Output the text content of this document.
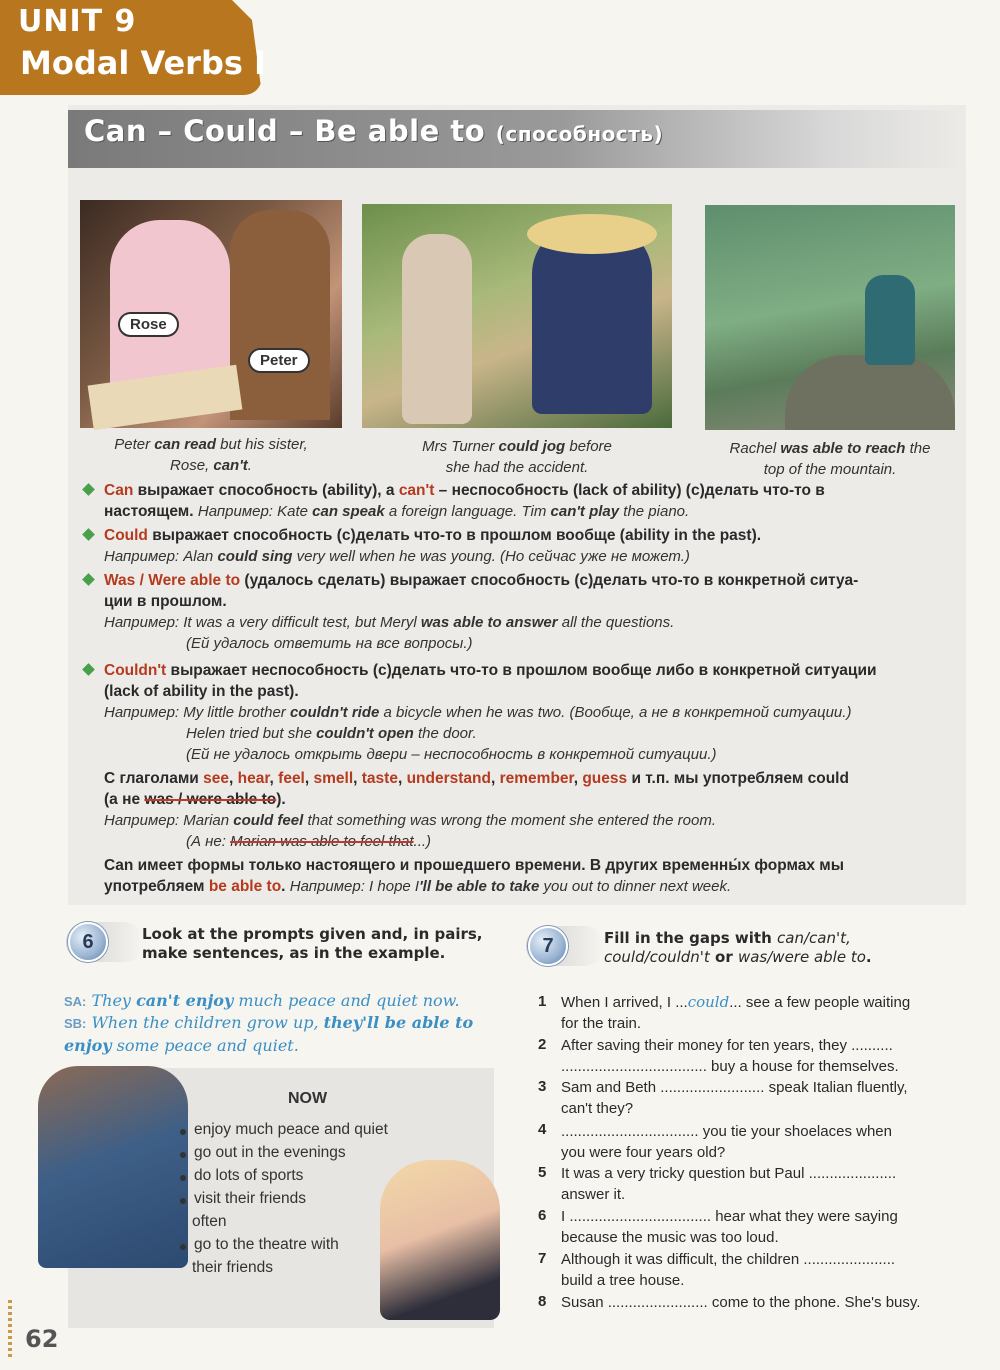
UNIT 9
Modal Verbs I
Can – Could – Be able to (способность)
Rose
Peter
Peter can read but his sister,
Rose, can't.
Mrs Turner could jog before
she had the accident.
Rachel was able to reach the
top of the mountain.
Can выражает способность (ability), а can't – неспособность (lack of ability) (с)делать что-то в
настоящем. Например: Kate can speak a foreign language. Tim can't play the piano.
Could выражает способность (с)делать что-то в прошлом вообще (ability in the past).
Например: Alan could sing very well when he was young. (Но сейчас уже не может.)
Was / Were able to (удалось сделать) выражает способность (с)делать что-то в конкретной ситуа-
ции в прошлом.
Например: It was a very difficult test, but Meryl was able to answer all the questions.
(Ей удалось ответить на все вопросы.)
Couldn't выражает неспособность (с)делать что-то в прошлом вообще либо в конкретной ситуации
(lack of ability in the past).
Например: My little brother couldn't ride a bicycle when he was two. (Вообще, а не в конкретной ситуации.)
Helen tried but she couldn't open the door.
(Ей не удалось открыть двери – неспособность в конкретной ситуации.)
С глаголами see, hear, feel, smell, taste, understand, remember, guess и т.п. мы употребляем could
(а не was / were able to).
Например: Marian could feel that something was wrong the moment she entered the room.
(А не: Marian was able to feel that...)
Can имеет формы только настоящего и прошедшего времени. В других временны́х формах мы
употребляем be able to. Например: I hope I'll be able to take you out to dinner next week.
6	Look at the prompts given and, in pairs,
make sentences, as in the example.
SA: They can't enjoy much peace and quiet now.
SB: When the children grow up, they'll be able to
enjoy some peace and quiet.
NOW
enjoy much peace and quiet
go out in the evenings
do lots of sports
visit their friends
often
go to the theatre with
their friends
7	Fill in the gaps with can/can't,
could/couldn't or was/were able to.
1 When I arrived, I ...could... see a few people waiting
for the train.
2 After saving their money for ten years, they ..........
................................... buy a house for themselves.
3 Sam and Beth ......................... speak Italian fluently,
can't they?
4 ................................. you tie your shoelaces when
you were four years old?
5 It was a very tricky question but Paul .....................
answer it.
6 I .................................. hear what they were saying
because the music was too loud.
7 Although it was difficult, the children ......................
build a tree house.
8 Susan ........................ come to the phone. She's busy.
62
